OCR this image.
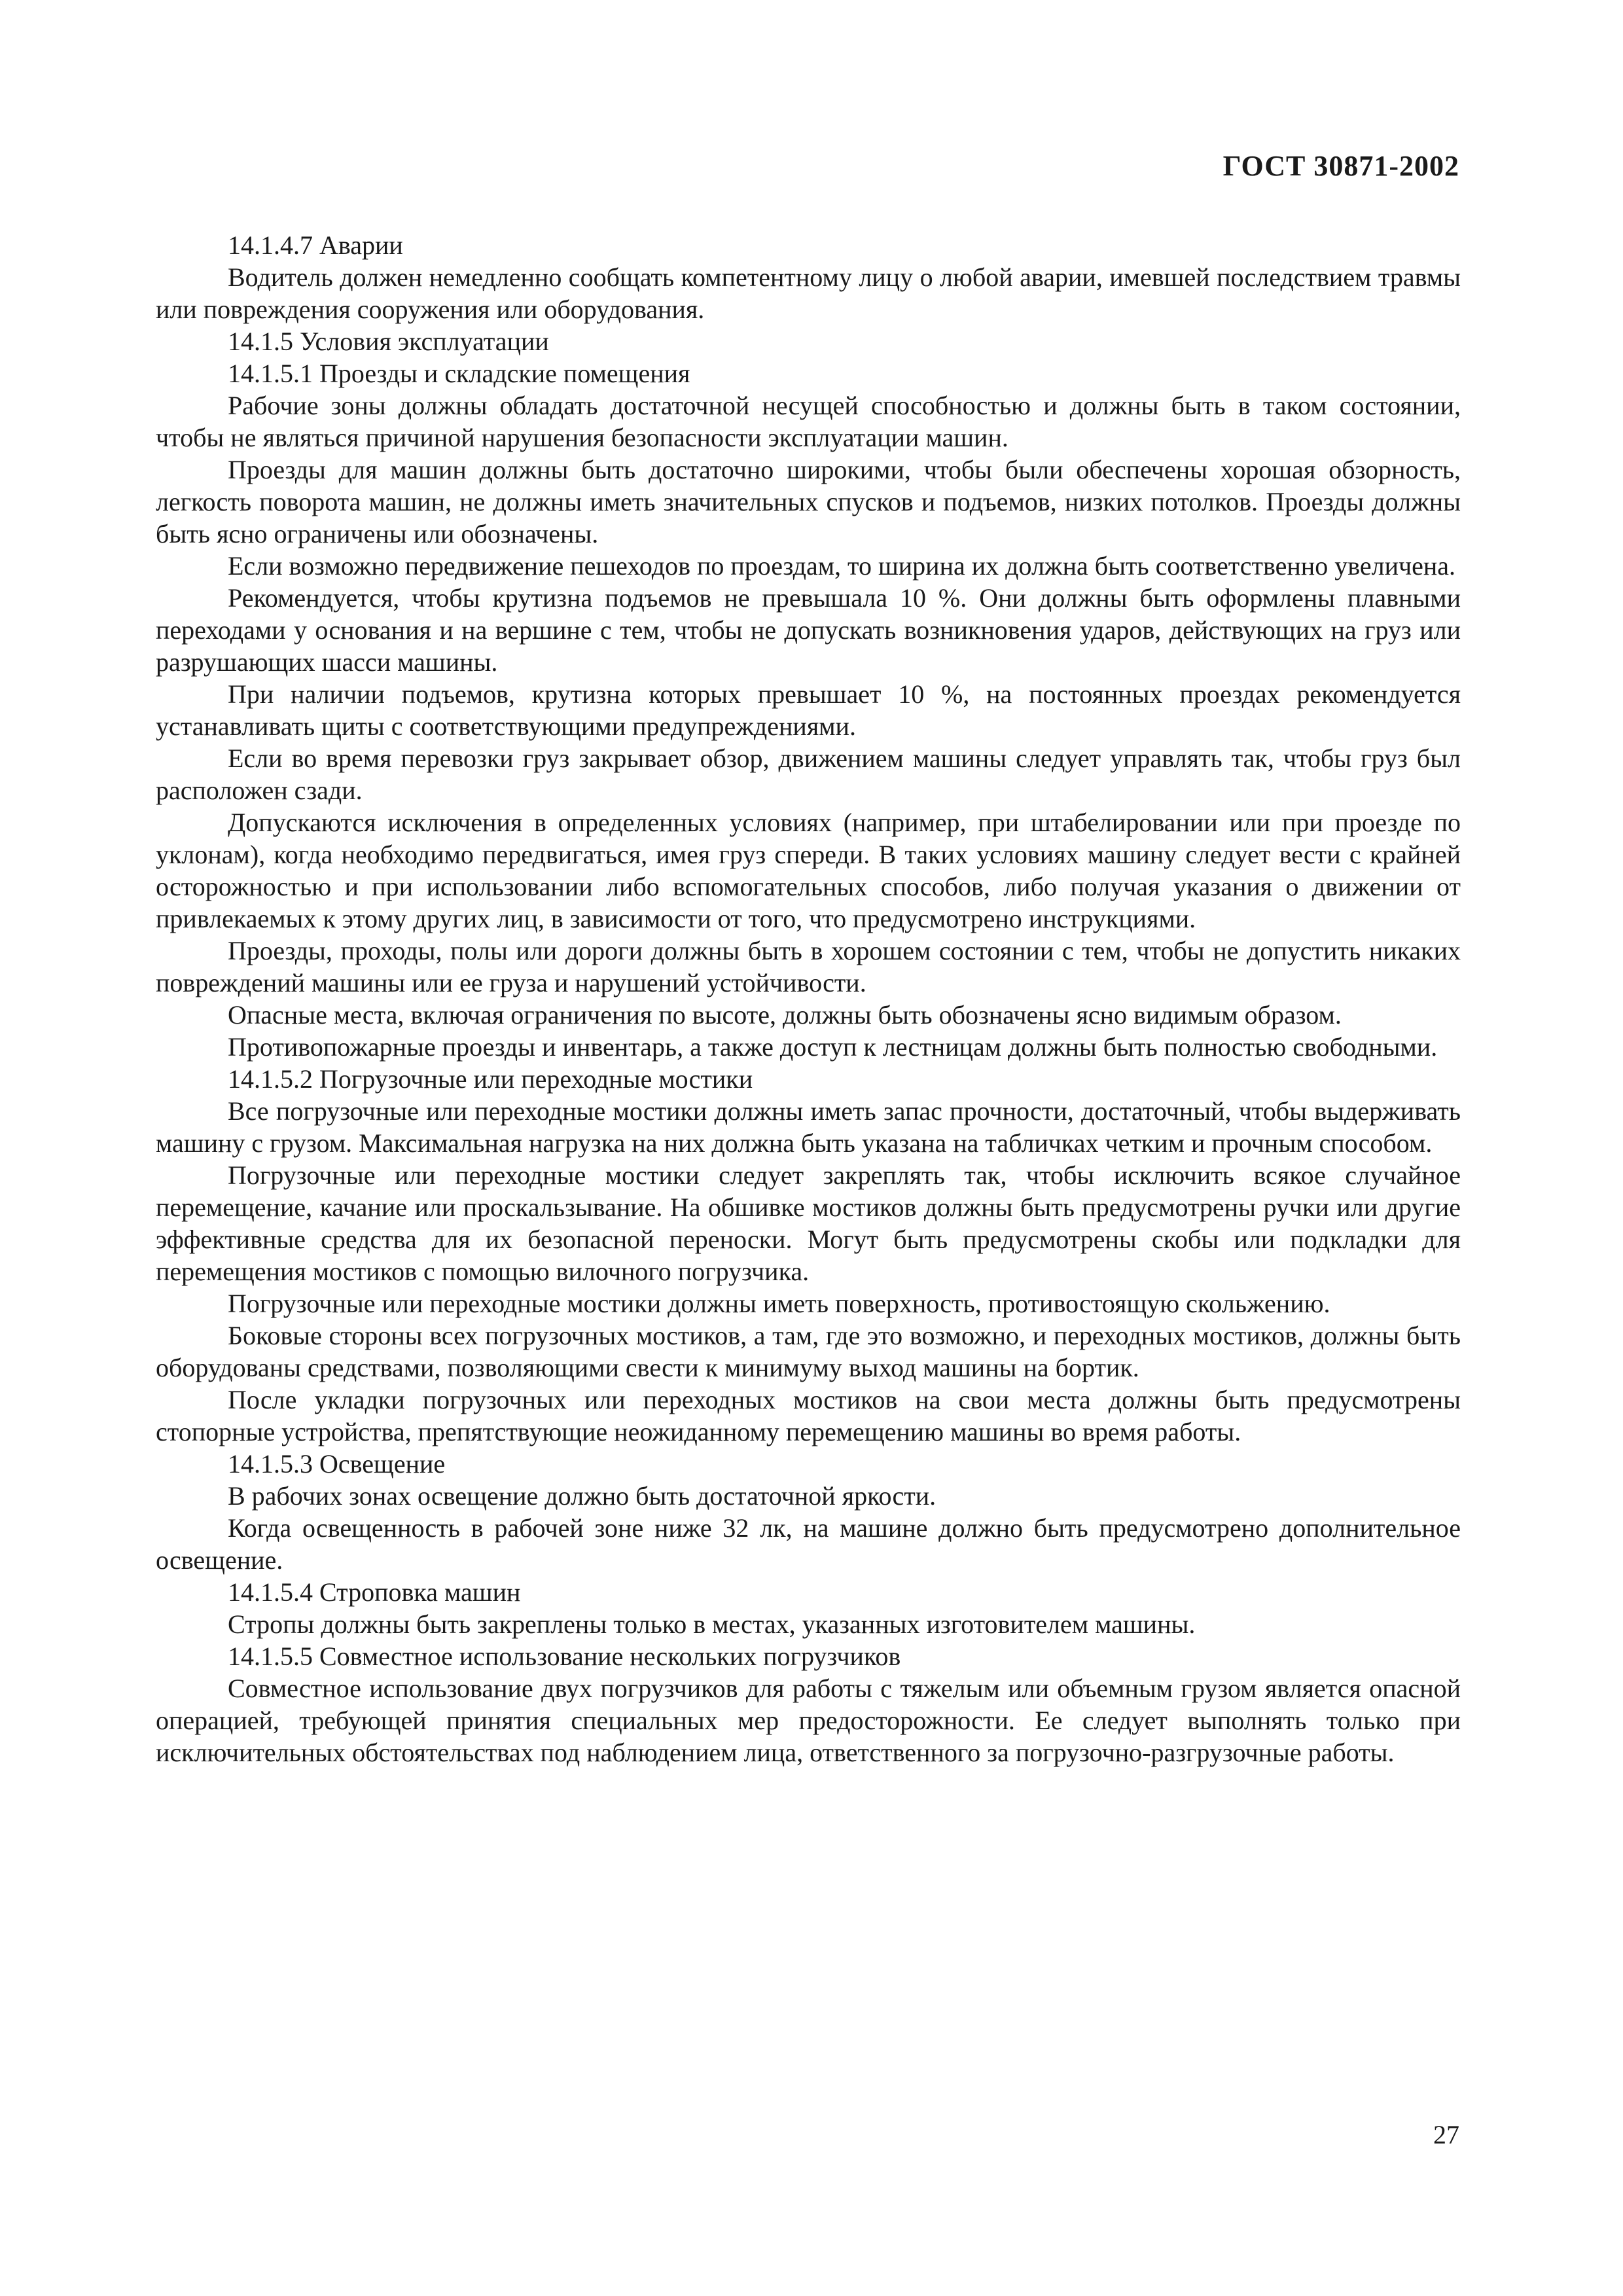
ГОСТ 30871-2002

14.1.4.7 Аварии

Водитель должен немедленно сообщать компетентному лицу о любой аварии, имевшей последствием травмы или повреждения сооружения или оборудования.

14.1.5 Условия эксплуатации

14.1.5.1 Проезды и складские помещения

Рабочие зоны должны обладать достаточной несущей способностью и должны быть в таком состоянии, чтобы не являться причиной нарушения безопасности эксплуатации машин.

Проезды для машин должны быть достаточно широкими, чтобы были обеспечены хорошая обзорность, легкость поворота машин, не должны иметь значительных спусков и подъемов, низких потолков. Проезды должны быть ясно ограничены или обозначены.

Если возможно передвижение пешеходов по проездам, то ширина их должна быть соответственно увеличена.

Рекомендуется, чтобы крутизна подъемов не превышала 10 %. Они должны быть оформлены плавными переходами у основания и на вершине с тем, чтобы не допускать возникновения ударов, действующих на груз или разрушающих шасси машины.

При наличии подъемов, крутизна которых превышает 10 %, на постоянных проездах рекомендуется устанавливать щиты с соответствующими предупреждениями.

Если во время перевозки груз закрывает обзор, движением машины следует управлять так, чтобы груз был расположен сзади.

Допускаются исключения в определенных условиях (например, при штабелировании или при проезде по уклонам), когда необходимо передвигаться, имея груз спереди. В таких условиях машину следует вести с крайней осторожностью и при использовании либо вспомогательных способов, либо получая указания о движении от привлекаемых к этому других лиц, в зависимости от того, что предусмотрено инструкциями.

Проезды, проходы, полы или дороги должны быть в хорошем состоянии с тем, чтобы не допустить никаких повреждений машины или ее груза и нарушений устойчивости.

Опасные места, включая ограничения по высоте, должны быть обозначены ясно видимым образом.

Противопожарные проезды и инвентарь, а также доступ к лестницам должны быть полностью свободными.

14.1.5.2 Погрузочные или переходные мостики

Все погрузочные или переходные мостики должны иметь запас прочности, достаточный, чтобы выдерживать машину с грузом. Максимальная нагрузка на них должна быть указана на табличках четким и прочным способом.

Погрузочные или переходные мостики следует закреплять так, чтобы исключить всякое случайное перемещение, качание или проскальзывание. На обшивке мостиков должны быть предусмотрены ручки или другие эффективные средства для их безопасной переноски. Могут быть предусмотрены скобы или подкладки для перемещения мостиков с помощью вилочного погрузчика.

Погрузочные или переходные мостики должны иметь поверхность, противостоящую скольжению.

Боковые стороны всех погрузочных мостиков, а там, где это возможно, и переходных мостиков, должны быть оборудованы средствами, позволяющими свести к минимуму выход машины на бортик.

После укладки погрузочных или переходных мостиков на свои места должны быть предусмотрены стопорные устройства, препятствующие неожиданному перемещению машины во время работы.

14.1.5.3 Освещение

В рабочих зонах освещение должно быть достаточной яркости.

Когда освещенность в рабочей зоне ниже 32 лк, на машине должно быть предусмотрено дополнительное освещение.

14.1.5.4 Строповка машин

Стропы должны быть закреплены только в местах, указанных изготовителем машины.

14.1.5.5 Совместное использование нескольких погрузчиков

Совместное использование двух погрузчиков для работы с тяжелым или объемным грузом является опасной операцией, требующей принятия специальных мер предосторожности. Ее следует выполнять только при исключительных обстоятельствах под наблюдением лица, ответственного за погрузочно-разгрузочные работы.

27
